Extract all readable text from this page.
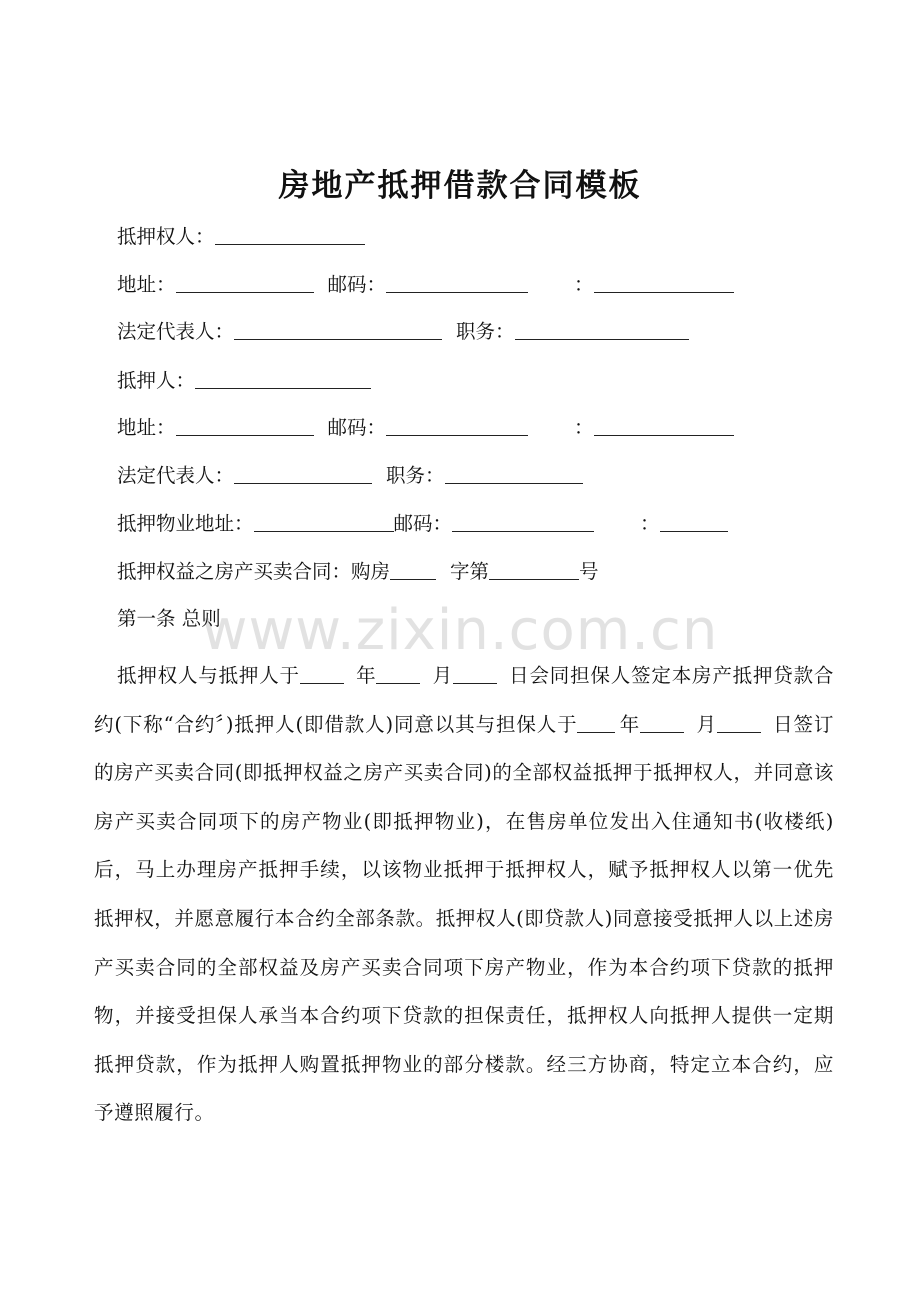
www.zixin.com.cn
房地产抵押借款合同模板
抵押权人：
地址：	邮码：	：
法定代表人：	职务：
抵押人：
地址：	邮码：	：
法定代表人：	职务：
抵押物业地址：	邮码：	：
抵押权益之房产买卖合同：购房	字第	号
第一条 总则
抵押权人与抵押人于	年	月	日会同担保人签定本房产抵押贷款合约(下称“合约〞)抵押人(即借款人)同意以其与担保人于 年	月	日签订的房产买卖合同(即抵押权益之房产买卖合同)的全部权益抵押于抵押权人，并同意该房产买卖合同项下的房产物业(即抵押物业)，在售房单位发出入住通知书(收楼纸)后，马上办理房产抵押手续，以该物业抵押于抵押权人，赋予抵押权人以第一优先抵押权，并愿意履行本合约全部条款。抵押权人(即贷款人)同意接受抵押人以上述房产买卖合同的全部权益及房产买卖合同项下房产物业，作为本合约项下贷款的抵押物，并接受担保人承当本合约项下贷款的担保责任，抵押权人向抵押人提供一定期抵押贷款，作为抵押人购置抵押物业的部分楼款。经三方协商，特定立本合约，应予遵照履行。
